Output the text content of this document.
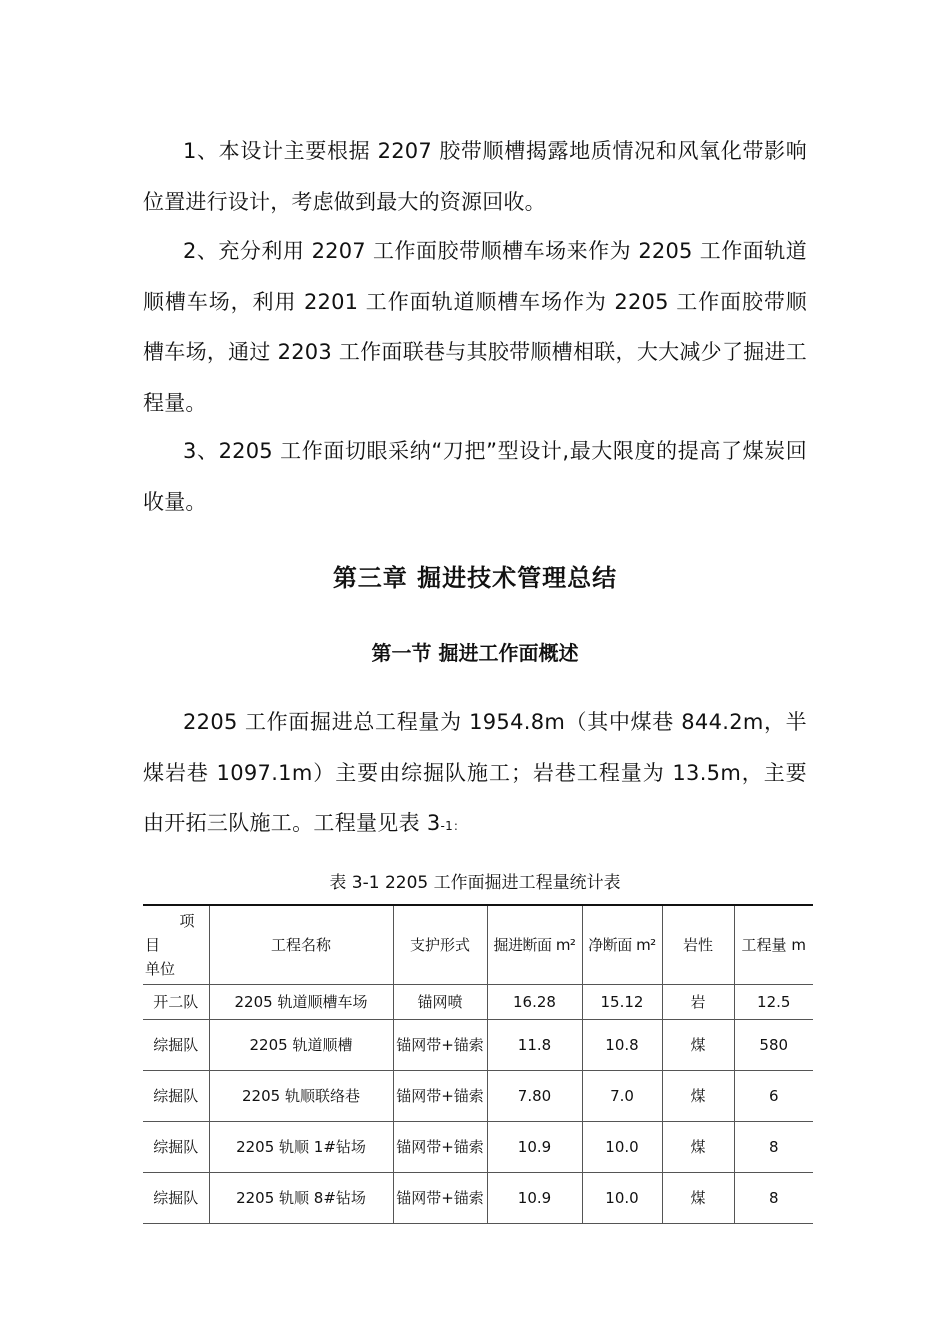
1、本设计主要根据 2207 胶带顺槽揭露地质情况和风氧化带影响位置进行设计，考虑做到最大的资源回收。

2、充分利用 2207 工作面胶带顺槽车场来作为 2205 工作面轨道顺槽车场，利用 2201 工作面轨道顺槽车场作为 2205 工作面胶带顺槽车场，通过 2203 工作面联巷与其胶带顺槽相联，大大减少了掘进工程量。

3、2205 工作面切眼采纳“刀把”型设计,最大限度的提高了煤炭回收量。

第三章 掘进技术管理总结
第一节 掘进工作面概述

2205 工作面掘进总工程量为 1954.8m（其中煤巷 844.2m，半煤岩巷 1097.1m）主要由综掘队施工；岩巷工程量为 13.5m，主要由开拓三队施工。工程量见表 3-1：

表 3-1 2205 工作面掘进工程量统计表
项
目
单位	工程名称	支护形式	掘进断面 m²	净断面 m²	岩性	工程量 m
开二队	2205 轨道顺槽车场	锚网喷	16.28	15.12	岩	12.5
综掘队	2205 轨道顺槽	锚网带+锚索	11.8	10.8	煤	580
综掘队	2205 轨顺联络巷	锚网带+锚索	7.80	7.0	煤	6
综掘队	2205 轨顺 1#钻场	锚网带+锚索	10.9	10.0	煤	8
综掘队	2205 轨顺 8#钻场	锚网带+锚索	10.9	10.0	煤	8
